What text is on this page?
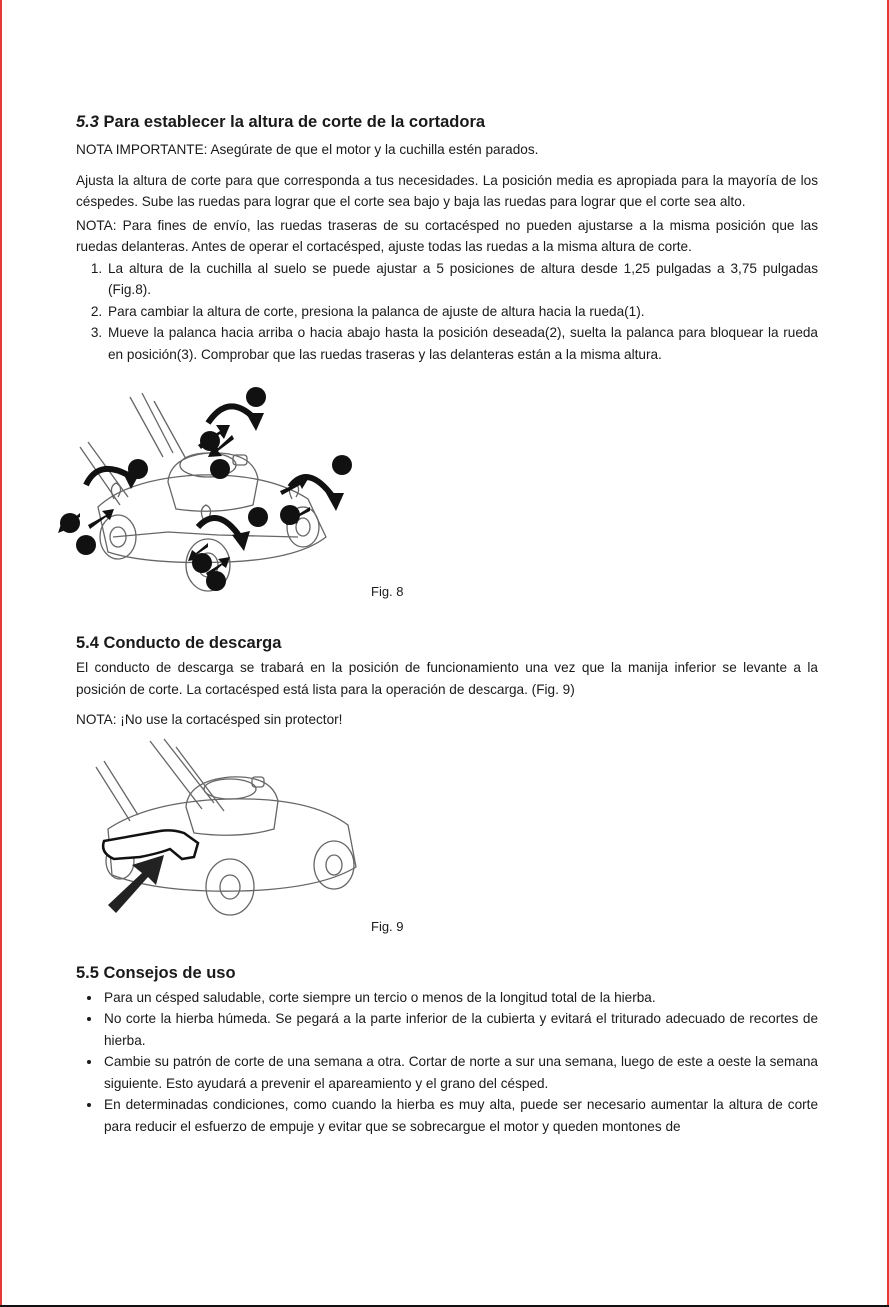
5.3 Para establecer la altura de corte de la cortadora

NOTA IMPORTANTE: Asegúrate de que el motor y la cuchilla estén parados.

Ajusta la altura de corte para que corresponda a tus necesidades. La posición media es apropiada para la mayoría de los céspedes. Sube las ruedas para lograr que el corte sea bajo y baja las ruedas para lograr que el corte sea alto.

NOTA: Para fines de envío, las ruedas traseras de su cortacésped no pueden ajustarse a la misma posición que las ruedas delanteras. Antes de operar el cortacésped, ajuste todas las ruedas a la misma altura de corte.

1. La altura de la cuchilla al suelo se puede ajustar a 5 posiciones de altura desde 1,25 pulgadas a 3,75 pulgadas (Fig.8).
2. Para cambiar la altura de corte, presiona la palanca de ajuste de altura hacia la rueda(1).
3. Mueve la palanca hacia arriba o hacia abajo hasta la posición deseada(2), suelta la palanca para bloquear la rueda en posición(3). Comprobar que las ruedas traseras y las delanteras están a la misma altura.
Fig. 8
5.4 Conducto de descarga

El conducto de descarga se trabará en la posición de funcionamiento una vez que la manija inferior se levante a la posición de corte. La cortacésped está lista para la operación de descarga. (Fig. 9)

NOTA: ¡No use la cortacésped sin protector!

Fig. 9
5.5 Consejos de uso
• Para un césped saludable, corte siempre un tercio o menos de la longitud total de la hierba.
• No corte la hierba húmeda. Se pegará a la parte inferior de la cubierta y evitará el triturado adecuado de recortes de hierba.
• Cambie su patrón de corte de una semana a otra. Cortar de norte a sur una semana, luego de este a oeste la semana siguiente. Esto ayudará a prevenir el apareamiento y el grano del césped.
• En determinadas condiciones, como cuando la hierba es muy alta, puede ser necesario aumentar la altura de corte para reducir el esfuerzo de empuje y evitar que se sobrecargue el motor y queden montones de
